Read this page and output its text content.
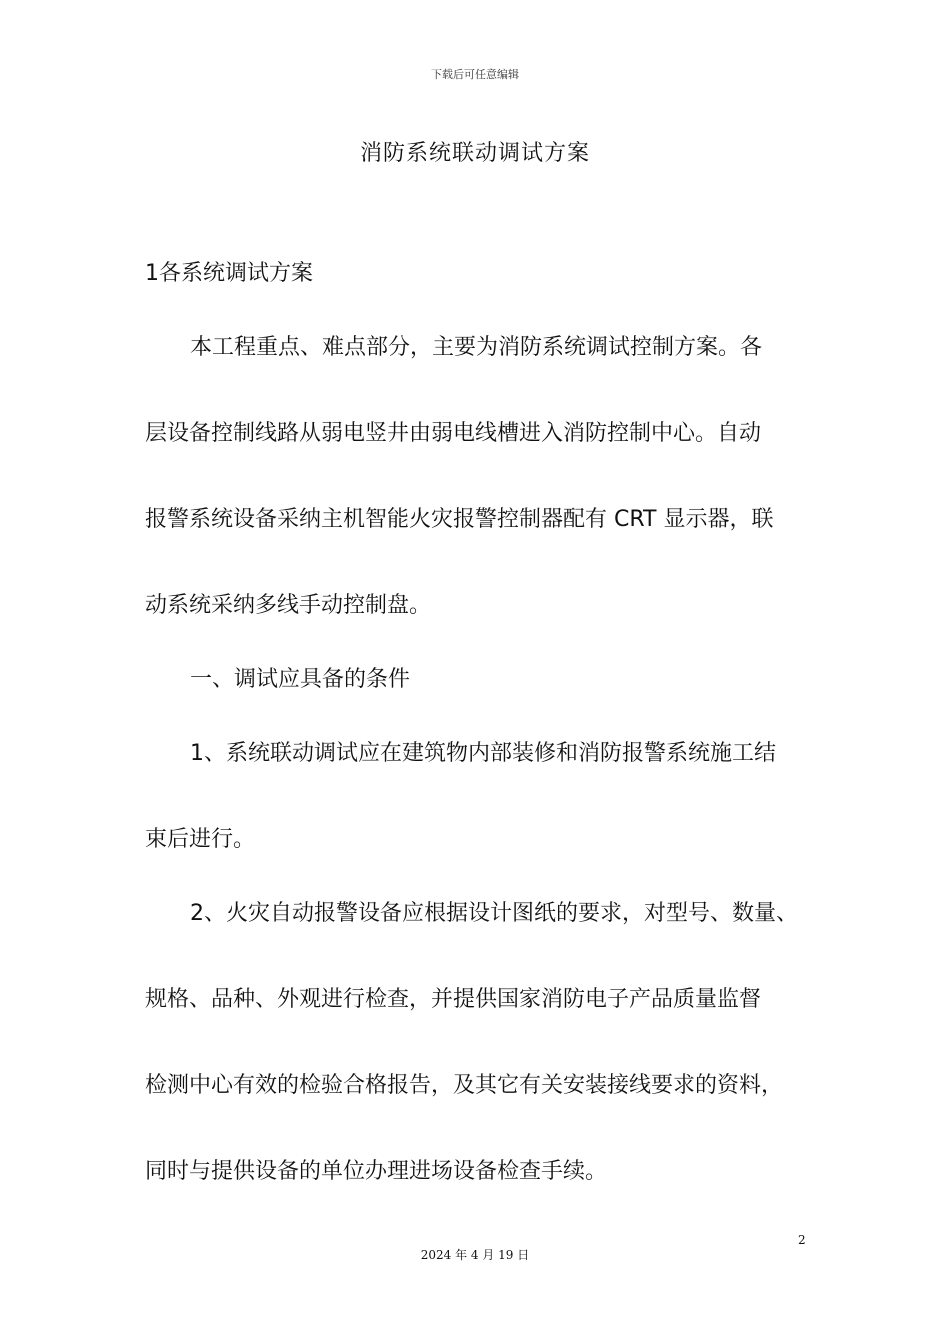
下载后可任意编辑
消防系统联动调试方案
1各系统调试方案
本工程重点、难点部分，主要为消防系统调试控制方案。各
层设备控制线路从弱电竖井由弱电线槽进入消防控制中心。自动
报警系统设备采纳主机智能火灾报警控制器配有 CRT 显示器，联
动系统采纳多线手动控制盘。
一、调试应具备的条件
1、系统联动调试应在建筑物内部装修和消防报警系统施工结
束后进行。
2、火灾自动报警设备应根据设计图纸的要求，对型号、数量、
规格、品种、外观进行检查，并提供国家消防电子产品质量监督
检测中心有效的检验合格报告，及其它有关安装接线要求的资料，
同时与提供设备的单位办理进场设备检查手续。
2
2024 年 4 月 19 日
